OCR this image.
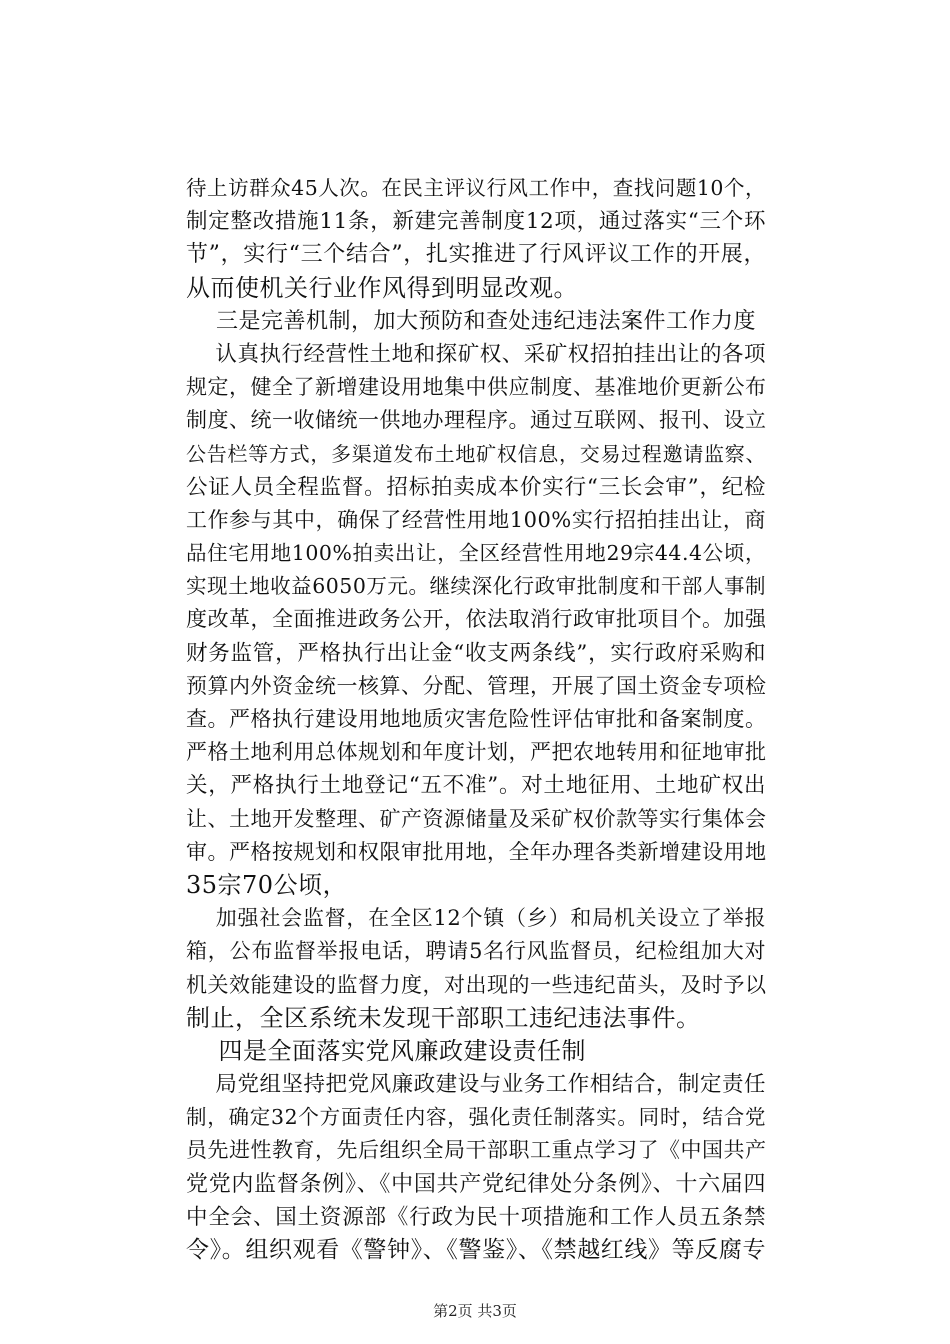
待上访群众45人次。在民主评议行风工作中，查找问题10个，
制定整改措施11条，新建完善制度12项，通过落实“三个环
节”，实行“三个结合”，扎实推进了行风评议工作的开展，
从而使机关行业作风得到明显改观。
三是完善机制，加大预防和查处违纪违法案件工作力度
认真执行经营性土地和探矿权、采矿权招拍挂出让的各项
规定，健全了新增建设用地集中供应制度、基准地价更新公布
制度、统一收储统一供地办理程序。通过互联网、报刊、设立
公告栏等方式，多渠道发布土地矿权信息，交易过程邀请监察、
公证人员全程监督。招标拍卖成本价实行“三长会审”，纪检
工作参与其中，确保了经营性用地100%实行招拍挂出让，商
品住宅用地100%拍卖出让，全区经营性用地29宗44.4公顷，
实现土地收益6050万元。继续深化行政审批制度和干部人事制
度改革，全面推进政务公开，依法取消行政审批项目个。加强
财务监管，严格执行出让金“收支两条线”，实行政府采购和
预算内外资金统一核算、分配、管理，开展了国土资金专项检
查。严格执行建设用地地质灾害危险性评估审批和备案制度。
严格土地利用总体规划和年度计划，严把农地转用和征地审批
关，严格执行土地登记“五不准”。对土地征用、土地矿权出
让、土地开发整理、矿产资源储量及采矿权价款等实行集体会
审。严格按规划和权限审批用地，全年办理各类新增建设用地
35宗70公顷，
加强社会监督，在全区12个镇（乡）和局机关设立了举报
箱，公布监督举报电话，聘请5名行风监督员，纪检组加大对
机关效能建设的监督力度，对出现的一些违纪苗头，及时予以
制止，全区系统未发现干部职工违纪违法事件。
四是全面落实党风廉政建设责任制
局党组坚持把党风廉政建设与业务工作相结合，制定责任
制，确定32个方面责任内容，强化责任制落实。同时，结合党
员先进性教育，先后组织全局干部职工重点学习了《中国共产
党党内监督条例》、《中国共产党纪律处分条例》、十六届四
中全会、国土资源部《行政为民十项措施和工作人员五条禁
令》。组织观看《警钟》、《警鉴》、《禁越红线》等反腐专
第2页 共3页
